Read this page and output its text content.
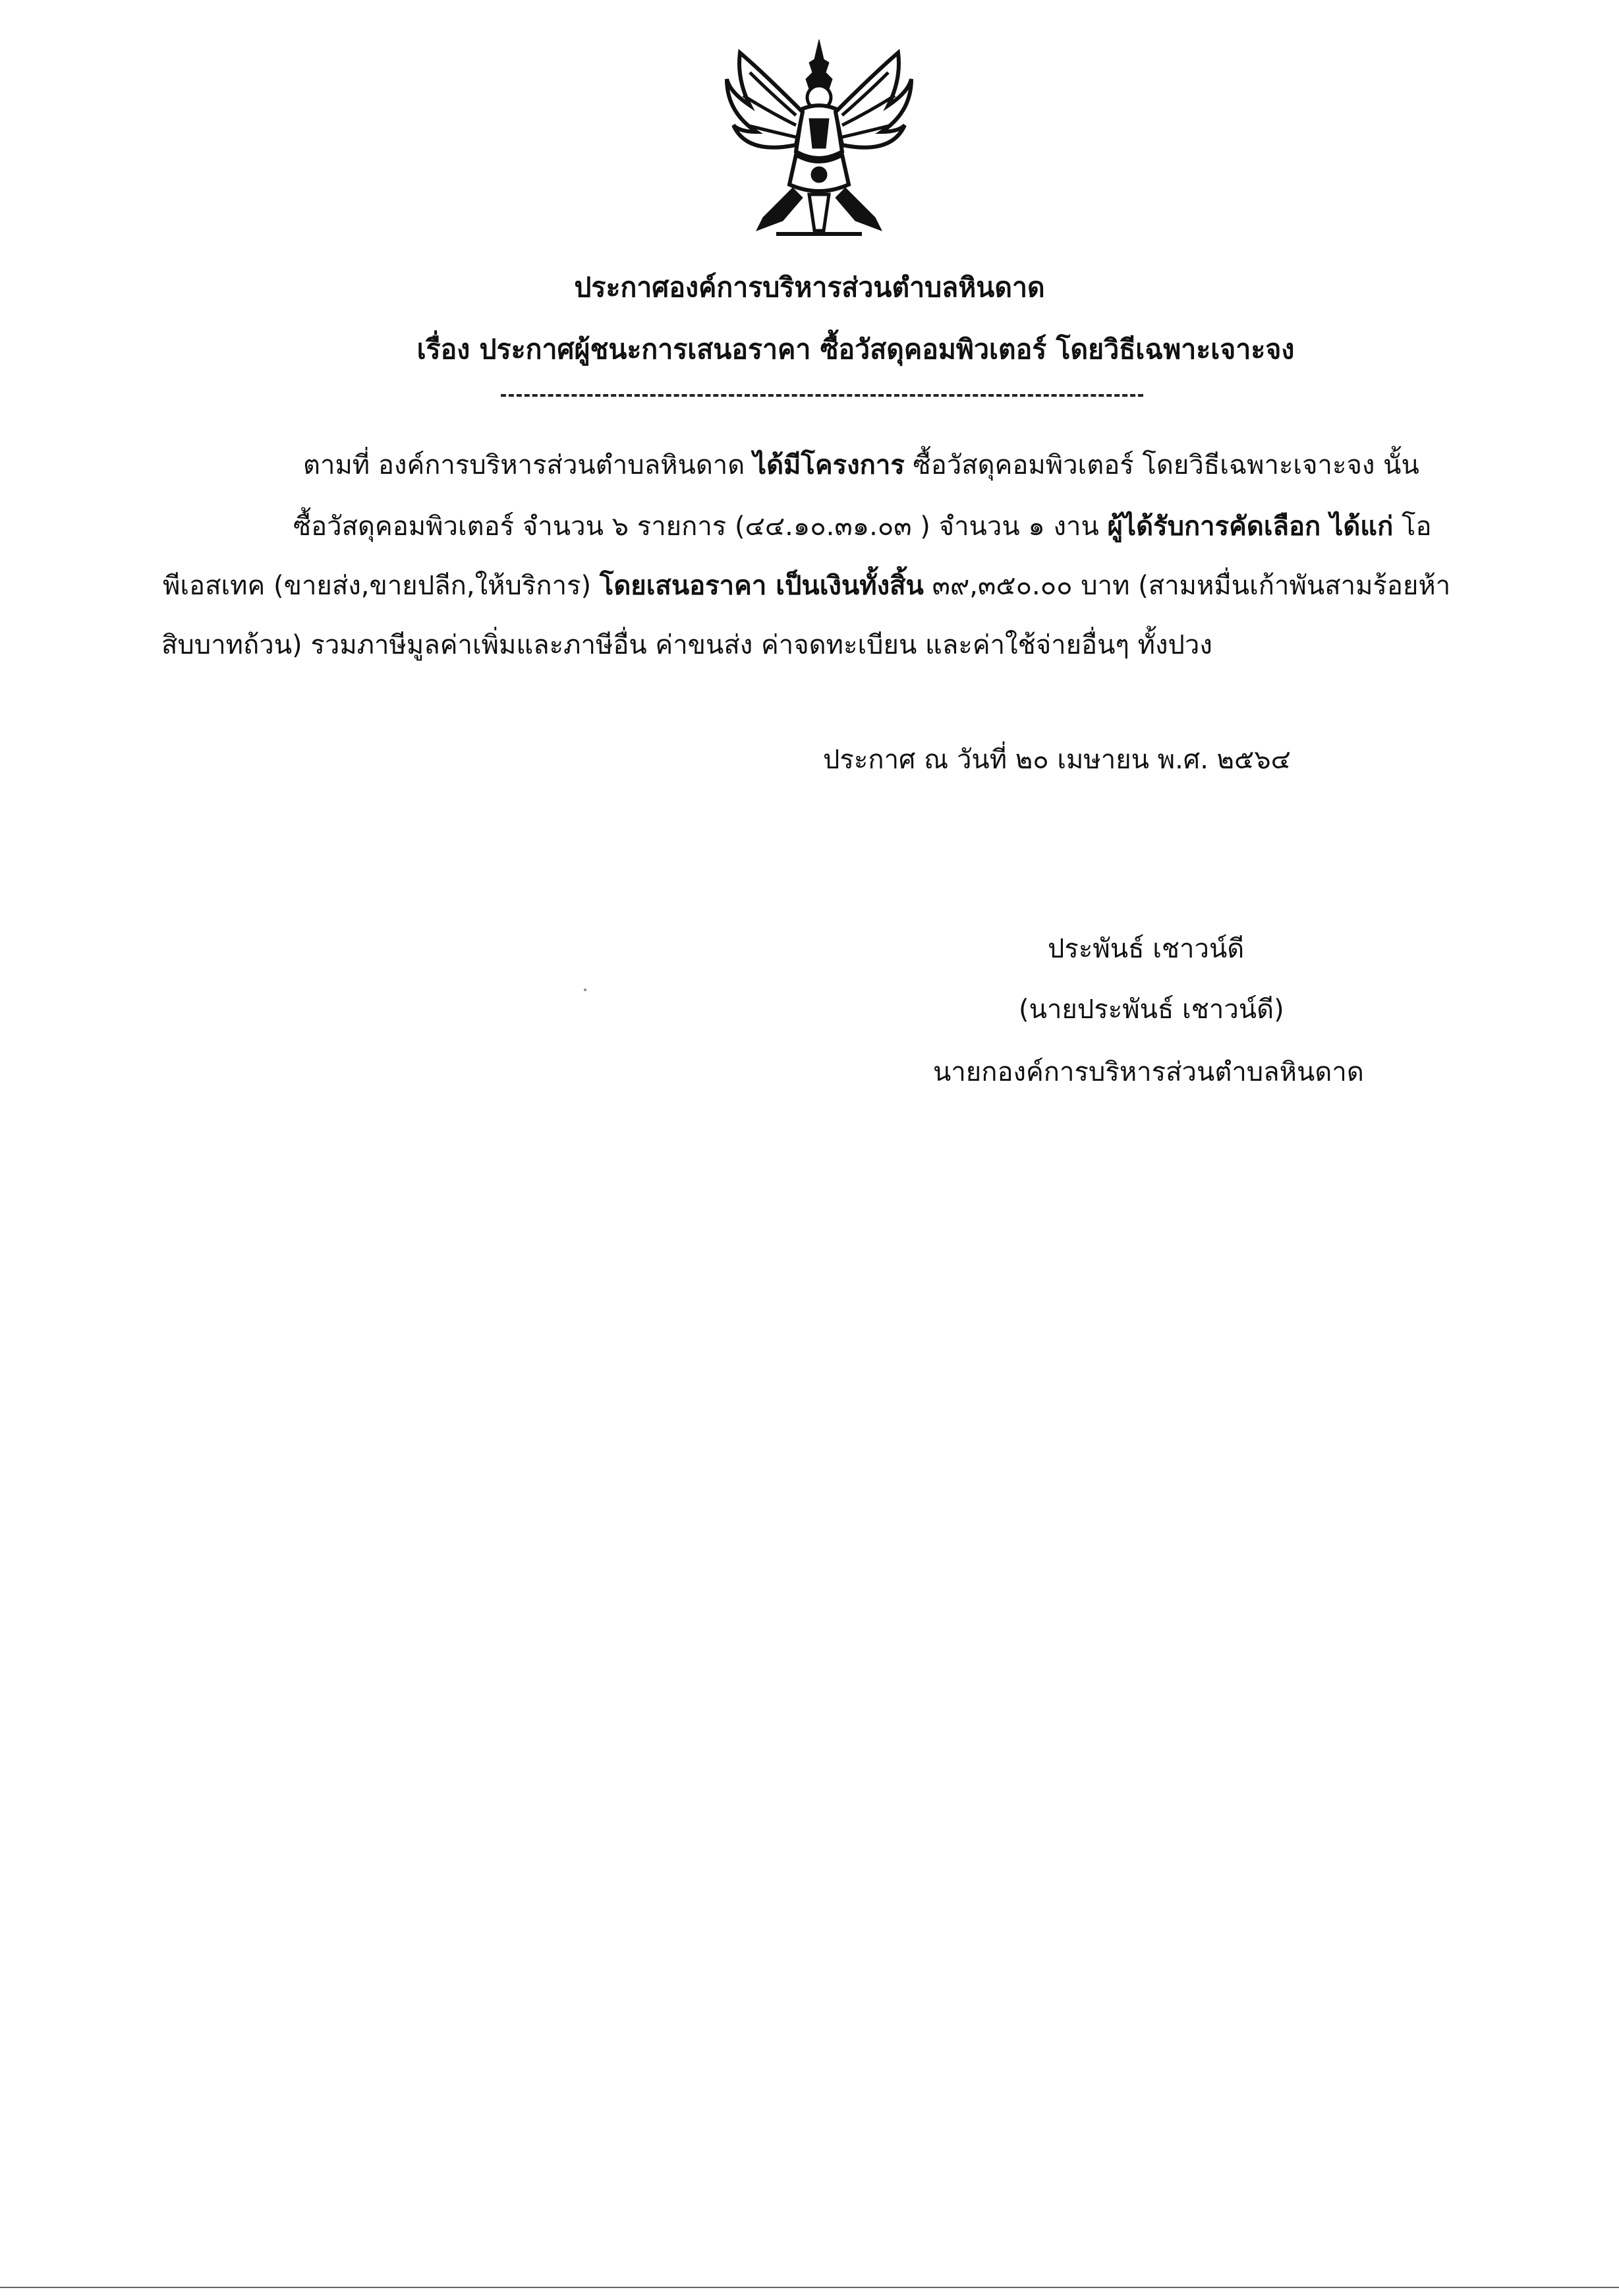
ประกาศองค์การบริหารส่วนตำบลหินดาด
เรื่อง ประกาศผู้ชนะการเสนอราคา ซื้อวัสดุคอมพิวเตอร์ โดยวิธีเฉพาะเจาะจง
ตามที่ องค์การบริหารส่วนตำบลหินดาด ได้มีโครงการ ซื้อวัสดุคอมพิวเตอร์ โดยวิธีเฉพาะเจาะจง นั้น
ซื้อวัสดุคอมพิวเตอร์ จำนวน ๖ รายการ (๔๔.๑๐.๓๑.๐๓ ) จำนวน ๑ งาน ผู้ได้รับการคัดเลือก ได้แก่ โอ
พีเอสเทค (ขายส่ง,ขายปลีก,ให้บริการ) โดยเสนอราคา เป็นเงินทั้งสิ้น ๓๙,๓๕๐.๐๐ บาท (สามหมื่นเก้าพันสามร้อยห้า
สิบบาทถ้วน) รวมภาษีมูลค่าเพิ่มและภาษีอื่น ค่าขนส่ง ค่าจดทะเบียน และค่าใช้จ่ายอื่นๆ ทั้งปวง
ประกาศ ณ วันที่ ๒๐ เมษายน พ.ศ. ๒๕๖๔
ประพันธ์ เชาวน์ดี
(นายประพันธ์ เชาวน์ดี)
นายกองค์การบริหารส่วนตำบลหินดาด
